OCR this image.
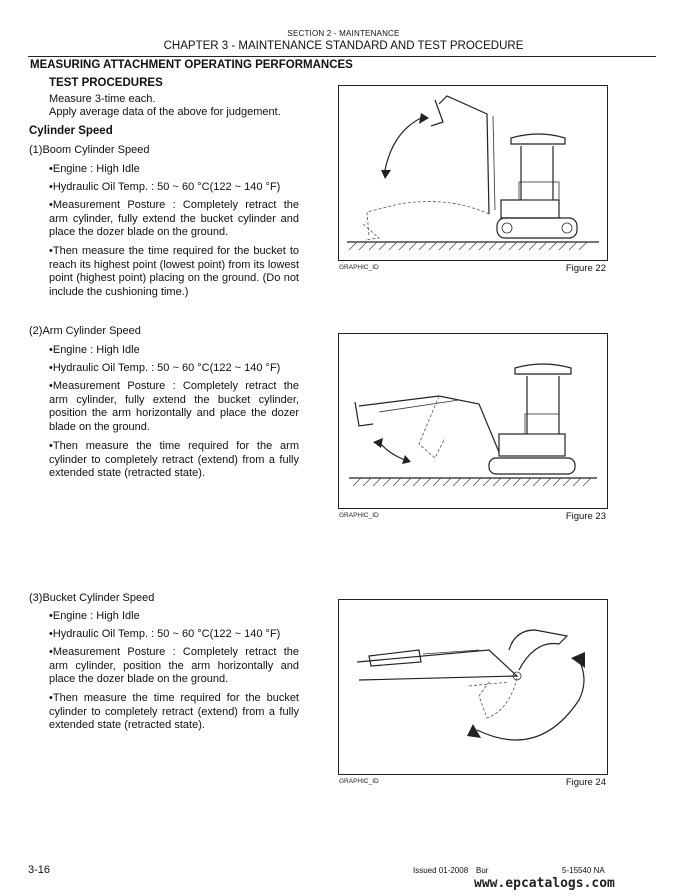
SECTION 2 - MAINTENANCE
CHAPTER 3 - MAINTENANCE STANDARD AND TEST PROCEDURE
MEASURING ATTACHMENT OPERATING PERFORMANCES
TEST PROCEDURES
Measure 3-time each.
Apply average data of the above for judgement.
Cylinder Speed
(1)Boom Cylinder Speed
•Engine : High Idle
•Hydraulic Oil Temp. : 50 ~ 60 °C(122 ~ 140 °F)
•Measurement Posture : Completely retract the arm cylinder, fully extend the bucket cylinder and place the dozer blade on the ground.
•Then measure the time required for the bucket to reach its highest point (lowest point) from its lowest point (highest point) placing on the ground. (Do not include the cushioning time.)
(2)Arm Cylinder Speed
•Engine : High Idle
•Hydraulic Oil Temp. : 50 ~ 60 °C(122 ~ 140 °F)
•Measurement Posture : Completely retract the arm cylinder, fully extend the bucket cylinder, position the arm horizontally and place the dozer blade on the ground.
•Then measure the time required for the arm cylinder to completely retract (extend) from a fully extended state (retracted state).
(3)Bucket Cylinder Speed
•Engine : High Idle
•Hydraulic Oil Temp. : 50 ~ 60 °C(122 ~ 140 °F)
•Measurement Posture : Completely retract the arm cylinder, position the arm horizontally and place the dozer blade on the ground.
•Then measure the time required for the bucket cylinder to completely retract (extend) from a fully extended state (retracted state).
GRAPHIC_ID	Figure 22
GRAPHIC_ID	Figure 23
GRAPHIC_ID	Figure 24
3-16	Issued 01-2008 Bur	5-15540 NA
www.epcatalogs.com
